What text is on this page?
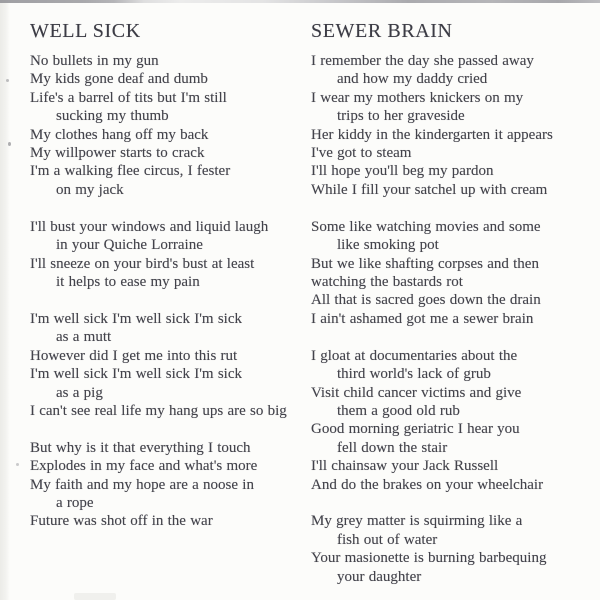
WELL SICK
No bullets in my gun
My kids gone deaf and dumb
Life's a barrel of tits but I'm still
sucking my thumb
My clothes hang off my back
My willpower starts to crack
I'm a walking flee circus, I fester
on my jack
I'll bust your windows and liquid laugh
in your Quiche Lorraine
I'll sneeze on your bird's bust at least
it helps to ease my pain
I'm well sick I'm well sick I'm sick
as a mutt
However did I get me into this rut
I'm well sick I'm well sick I'm sick
as a pig
I can't see real life my hang ups are so big
But why is it that everything I touch
Explodes in my face and what's more
My faith and my hope are a noose in
a rope
Future was shot off in the war
SEWER BRAIN
I remember the day she passed away
and how my daddy cried
I wear my mothers knickers on my
trips to her graveside
Her kiddy in the kindergarten it appears
I've got to steam
I'll hope you'll beg my pardon
While I fill your satchel up with cream
Some like watching movies and some
like smoking pot
But we like shafting corpses and then
watching the bastards rot
All that is sacred goes down the drain
I ain't ashamed got me a sewer brain
I gloat at documentaries about the
third world's lack of grub
Visit child cancer victims and give
them a good old rub
Good morning geriatric I hear you
fell down the stair
I'll chainsaw your Jack Russell
And do the brakes on your wheelchair
My grey matter is squirming like a
fish out of water
Your masionette is burning barbequing
your daughter
